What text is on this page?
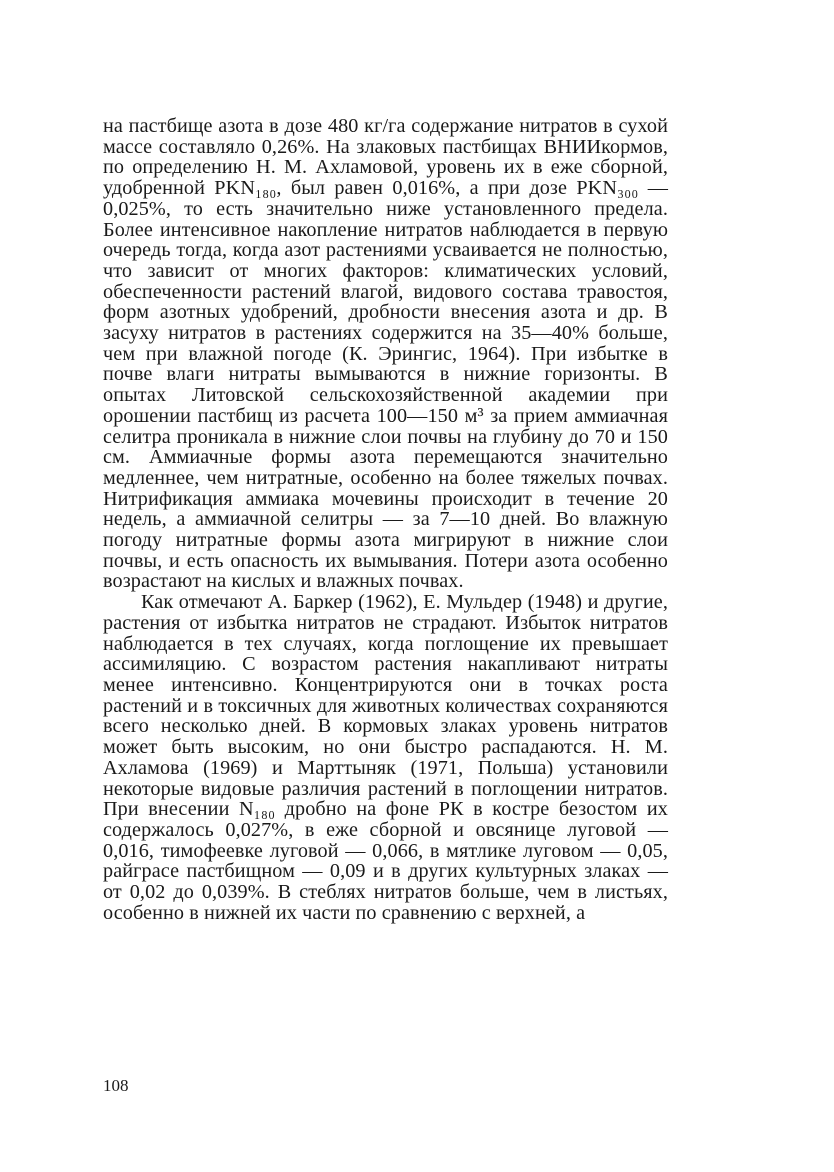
на пастбище азота в дозе 480 кг/га содержание нитратов в сухой массе составляло 0,26%. На злаковых пастбищах ВНИИкормов, по определению Н. М. Ахламовой, уровень их в еже сборной, удобренной PKN₁₈₀, был равен 0,016%, а при дозе PKN₃₀₀ — 0,025%, то есть значительно ниже установленного предела. Более интенсивное накопление нитратов наблюдается в первую очередь тогда, когда азот растениями усваивается не полностью, что зависит от многих факторов: климатических условий, обеспеченности растений влагой, видового состава травостоя, форм азотных удобрений, дробности внесения азота и др. В засуху нитратов в растениях содержится на 35—40% больше, чем при влажной погоде (К. Эрингис, 1964). При избытке в почве влаги нитраты вымываются в нижние горизонты. В опытах Литовской сельскохозяйственной академии при орошении пастбищ из расчета 100—150 м³ за прием аммиачная селитра проникала в нижние слои почвы на глубину до 70 и 150 см. Аммиачные формы азота перемещаются значительно медленнее, чем нитратные, особенно на более тяжелых почвах. Нитрификация аммиака мочевины происходит в течение 20 недель, а аммиачной селитры — за 7—10 дней. Во влажную погоду нитратные формы азота мигрируют в нижние слои почвы, и есть опасность их вымывания. Потери азота особенно возрастают на кислых и влажных почвах.

Как отмечают А. Баркер (1962), Е. Мульдер (1948) и другие, растения от избытка нитратов не страдают. Избыток нитратов наблюдается в тех случаях, когда поглощение их превышает ассимиляцию. С возрастом растения накапливают нитраты менее интенсивно. Концентрируются они в точках роста растений и в токсичных для животных количествах сохраняются всего несколько дней. В кормовых злаках уровень нитратов может быть высоким, но они быстро распадаются. Н. М. Ахламова (1969) и Марттыняк (1971, Польша) установили некоторые видовые различия растений в поглощении нитратов. При внесении N₁₈₀ дробно на фоне РК в костре безостом их содержалось 0,027%, в еже сборной и овсянице луговой — 0,016, тимофеевке луговой — 0,066, в мятлике луговом — 0,05, райграсе пастбищном — 0,09 и в других культурных злаках — от 0,02 до 0,039%. В стеблях нитратов больше, чем в листьях, особенно в нижней их части по сравнению с верхней, а

108
